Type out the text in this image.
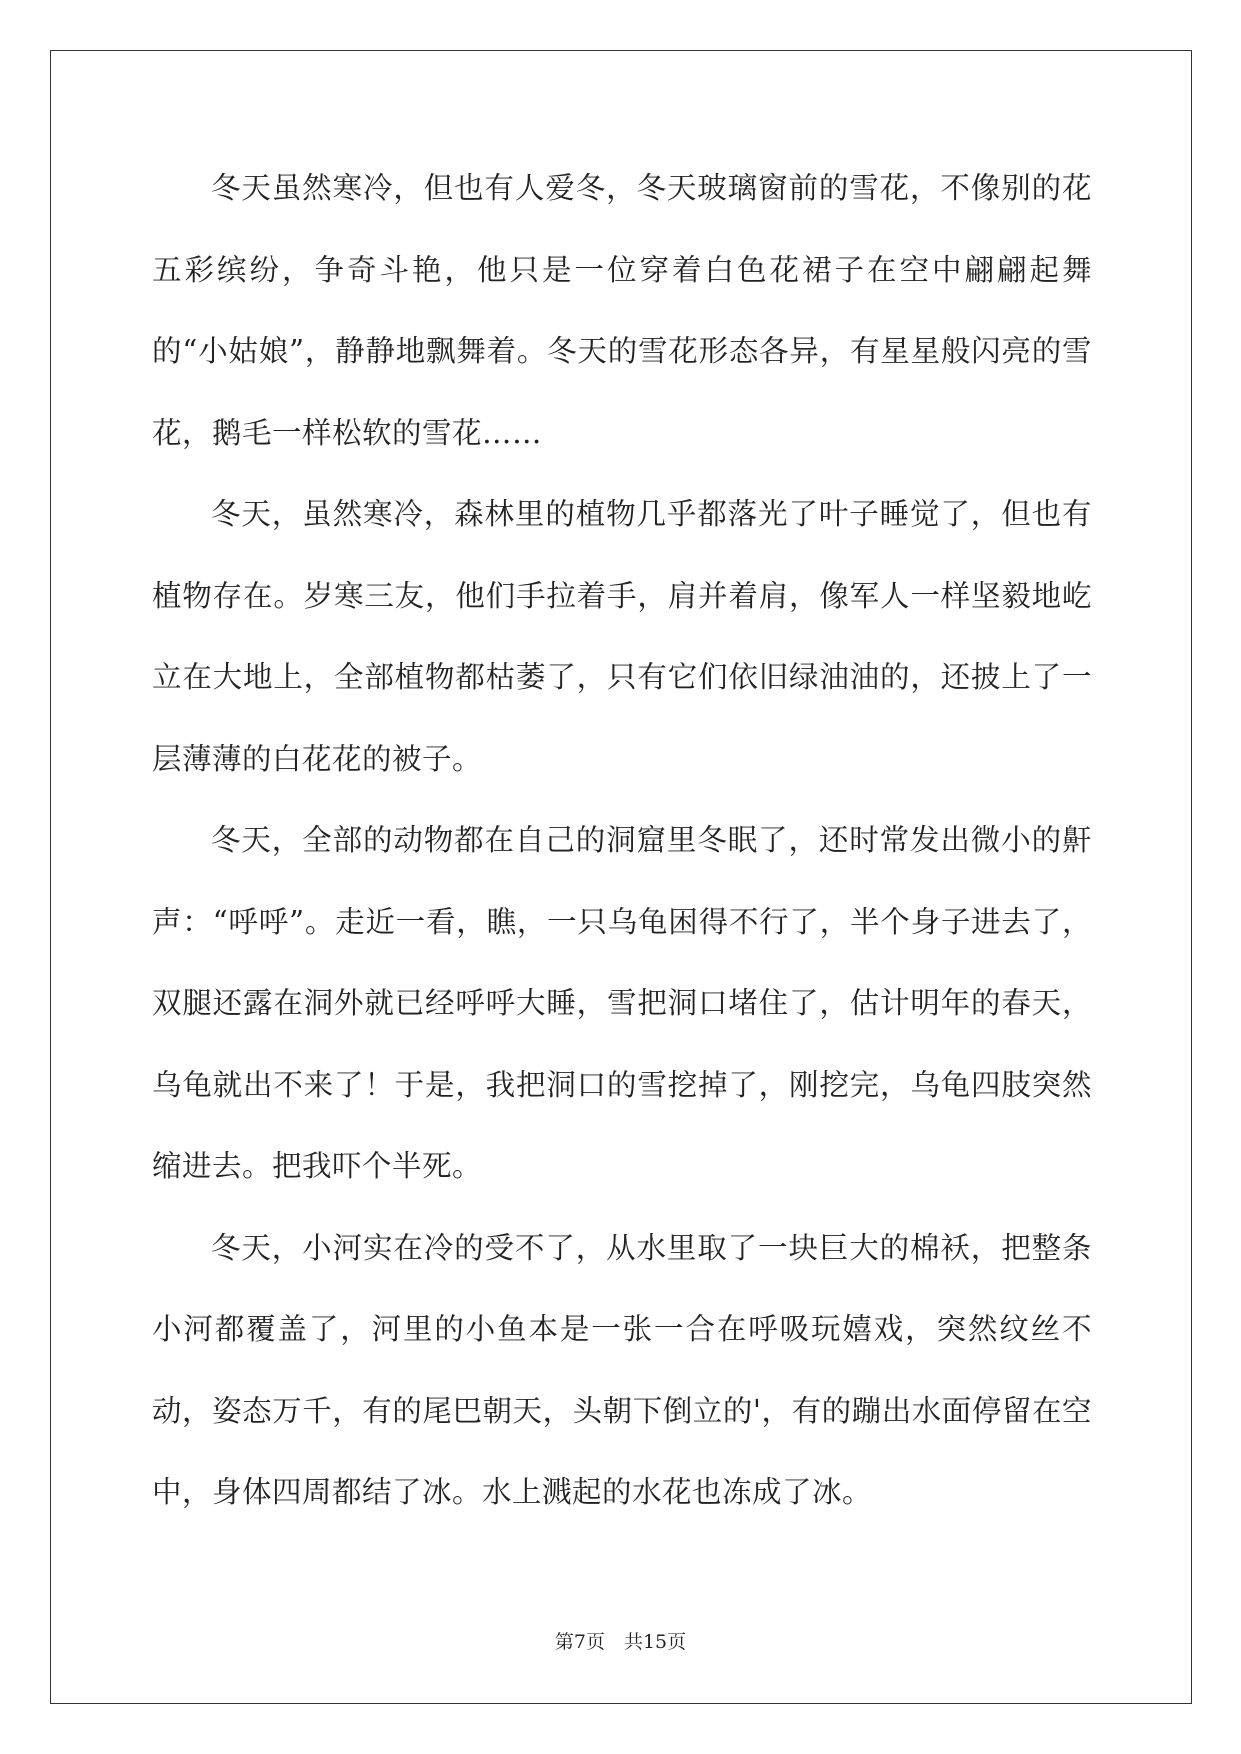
冬天虽然寒冷，但也有人爱冬，冬天玻璃窗前的雪花，不像别的花五彩缤纷，争奇斗艳，他只是一位穿着白色花裙子在空中翩翩起舞的“小姑娘”，静静地飘舞着。冬天的雪花形态各异，有星星般闪亮的雪花，鹅毛一样松软的雪花……

冬天，虽然寒冷，森林里的植物几乎都落光了叶子睡觉了，但也有植物存在。岁寒三友，他们手拉着手，肩并着肩，像军人一样坚毅地屹立在大地上，全部植物都枯萎了，只有它们依旧绿油油的，还披上了一层薄薄的白花花的被子。

冬天，全部的动物都在自己的洞窟里冬眠了，还时常发出微小的鼾声：“呼呼”。走近一看，瞧，一只乌龟困得不行了，半个身子进去了，双腿还露在洞外就已经呼呼大睡，雪把洞口堵住了，估计明年的春天，乌龟就出不来了！于是，我把洞口的雪挖掉了，刚挖完，乌龟四肢突然缩进去。把我吓个半死。

冬天，小河实在冷的受不了，从水里取了一块巨大的棉袄，把整条小河都覆盖了，河里的小鱼本是一张一合在呼吸玩嬉戏，突然纹丝不动，姿态万千，有的尾巴朝天，头朝下倒立的'，有的蹦出水面停留在空中，身体四周都结了冰。水上溅起的水花也冻成了冰。

第7页　共15页
